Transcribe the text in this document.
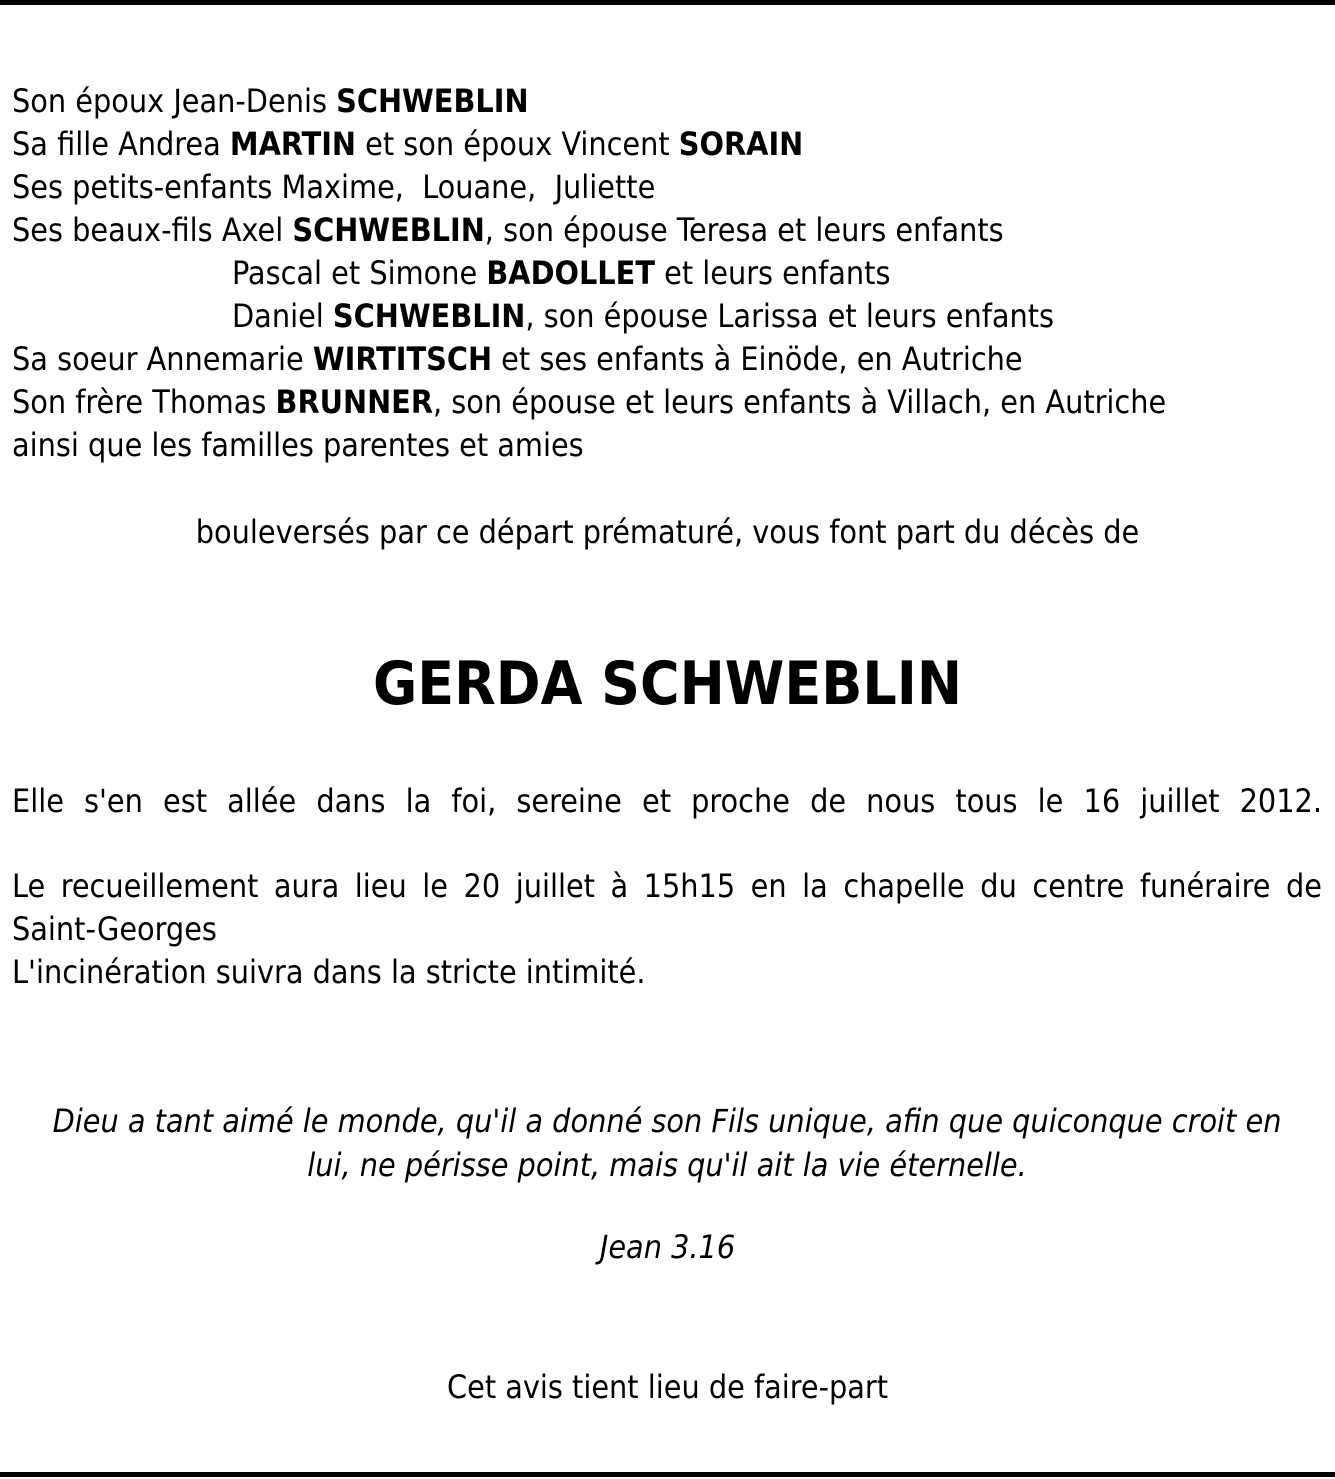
Son époux Jean-Denis SCHWEBLIN
Sa fille Andrea MARTIN et son époux Vincent SORAIN
Ses petits-enfants Maxime,  Louane,  Juliette
Ses beaux-fils Axel SCHWEBLIN, son épouse Teresa et leurs enfants
Pascal et Simone BADOLLET et leurs enfants
Daniel SCHWEBLIN, son épouse Larissa et leurs enfants
Sa soeur Annemarie WIRTITSCH et ses enfants à Einöde, en Autriche
Son frère Thomas BRUNNER, son épouse et leurs enfants à Villach, en Autriche
ainsi que les familles parentes et amies
bouleversés par ce départ prématuré, vous font part du décès de
GERDA SCHWEBLIN
Elle s'en est allée dans la foi, sereine et proche de nous tous le 16 juillet 2012.
Le recueillement aura lieu le 20 juillet à 15h15 en la chapelle du centre funéraire de
Saint-Georges
L'incinération suivra dans la stricte intimité.
Dieu a tant aimé le monde, qu'il a donné son Fils unique, afin que quiconque croit en
lui, ne périsse point, mais qu'il ait la vie éternelle.
Jean 3.16
Cet avis tient lieu de faire-part
